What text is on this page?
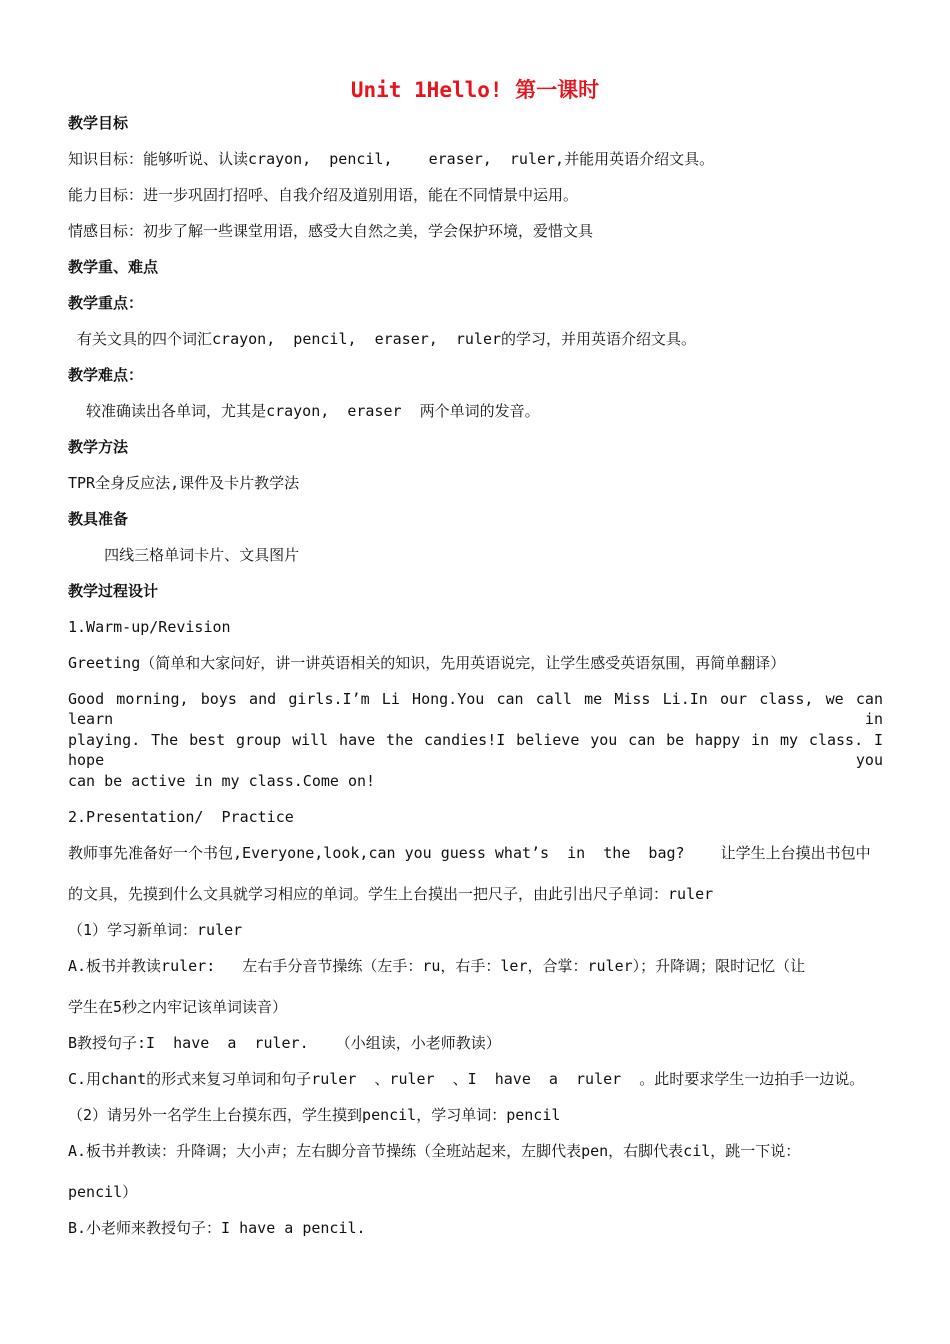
Unit 1Hello! 第一课时
教学目标
知识目标：能够听说、认读crayon,  pencil,    eraser,  ruler,并能用英语介绍文具。
能力目标：进一步巩固打招呼、自我介绍及道别用语，能在不同情景中运用。
情感目标：初步了解一些课堂用语，感受大自然之美，学会保护环境，爱惜文具
教学重、难点
教学重点：
有关文具的四个词汇crayon,  pencil,  eraser,  ruler的学习，并用英语介绍文具。
教学难点：
较准确读出各单词，尤其是crayon,  eraser  两个单词的发音。
教学方法
TPR全身反应法,课件及卡片教学法
教具准备
四线三格单词卡片、文具图片
教学过程设计
1.Warm-up/Revision
Greeting（简单和大家问好，讲一讲英语相关的知识，先用英语说完，让学生感受英语氛围，再简单翻译）
Good morning, boys and girls.I’m Li Hong.You can call me Miss Li.In our class, we can learn in
playing. The best group will have the candies!I believe you can be happy in my class. I hope you
can be active in my class.Come on!
2.Presentation/  Practice
教师事先准备好一个书包,Everyone,look,can you guess what’s  in  the  bag?    让学生上台摸出书包中
的文具，先摸到什么文具就学习相应的单词。学生上台摸出一把尺子，由此引出尺子单词：ruler
（1）学习新单词：ruler
A.板书并教读ruler:   左右手分音节操练（左手：ru，右手：ler，合掌：ruler）；升降调；限时记忆（让
学生在5秒之内牢记该单词读音）
B教授句子:I  have  a  ruler.   （小组读，小老师教读）
C.用chant的形式来复习单词和句子ruler  、ruler  、I  have  a  ruler  。此时要求学生一边拍手一边说。
（2）请另外一名学生上台摸东西，学生摸到pencil，学习单词：pencil
A.板书并教读：升降调；大小声；左右脚分音节操练（全班站起来，左脚代表pen，右脚代表cil，跳一下说：
pencil）
B.小老师来教授句子：I have a pencil.
